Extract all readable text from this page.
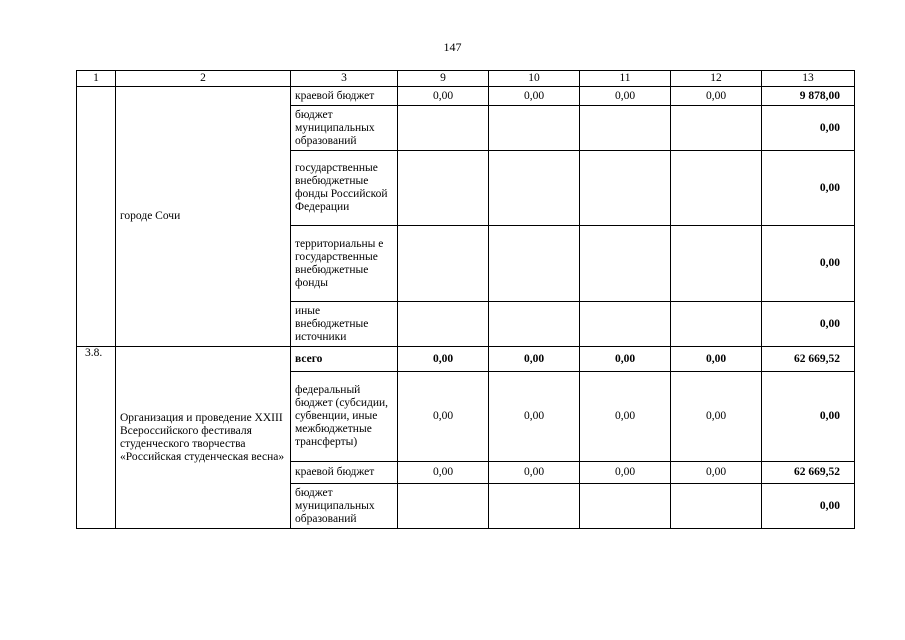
147
1	2	3	9	10	11	12	13
	городе Сочи	краевой бюджет	0,00	0,00	0,00	0,00	9 878,00
		бюджет муниципальных образований					0,00
		государственные внебюджетные фонды Российской Федерации					0,00
		территориальны е государственные внебюджетные фонды					0,00
		иные внебюджетные источники					0,00
3.8.	Организация и проведение XXIII Всероссийского фестиваля студенческого творчества «Российская студенческая весна»	всего	0,00	0,00	0,00	0,00	62 669,52
		федеральный бюджет (субсидии, субвенции, иные межбюджетные трансферты)	0,00	0,00	0,00	0,00	0,00
		краевой бюджет	0,00	0,00	0,00	0,00	62 669,52
		бюджет муниципальных образований					0,00
